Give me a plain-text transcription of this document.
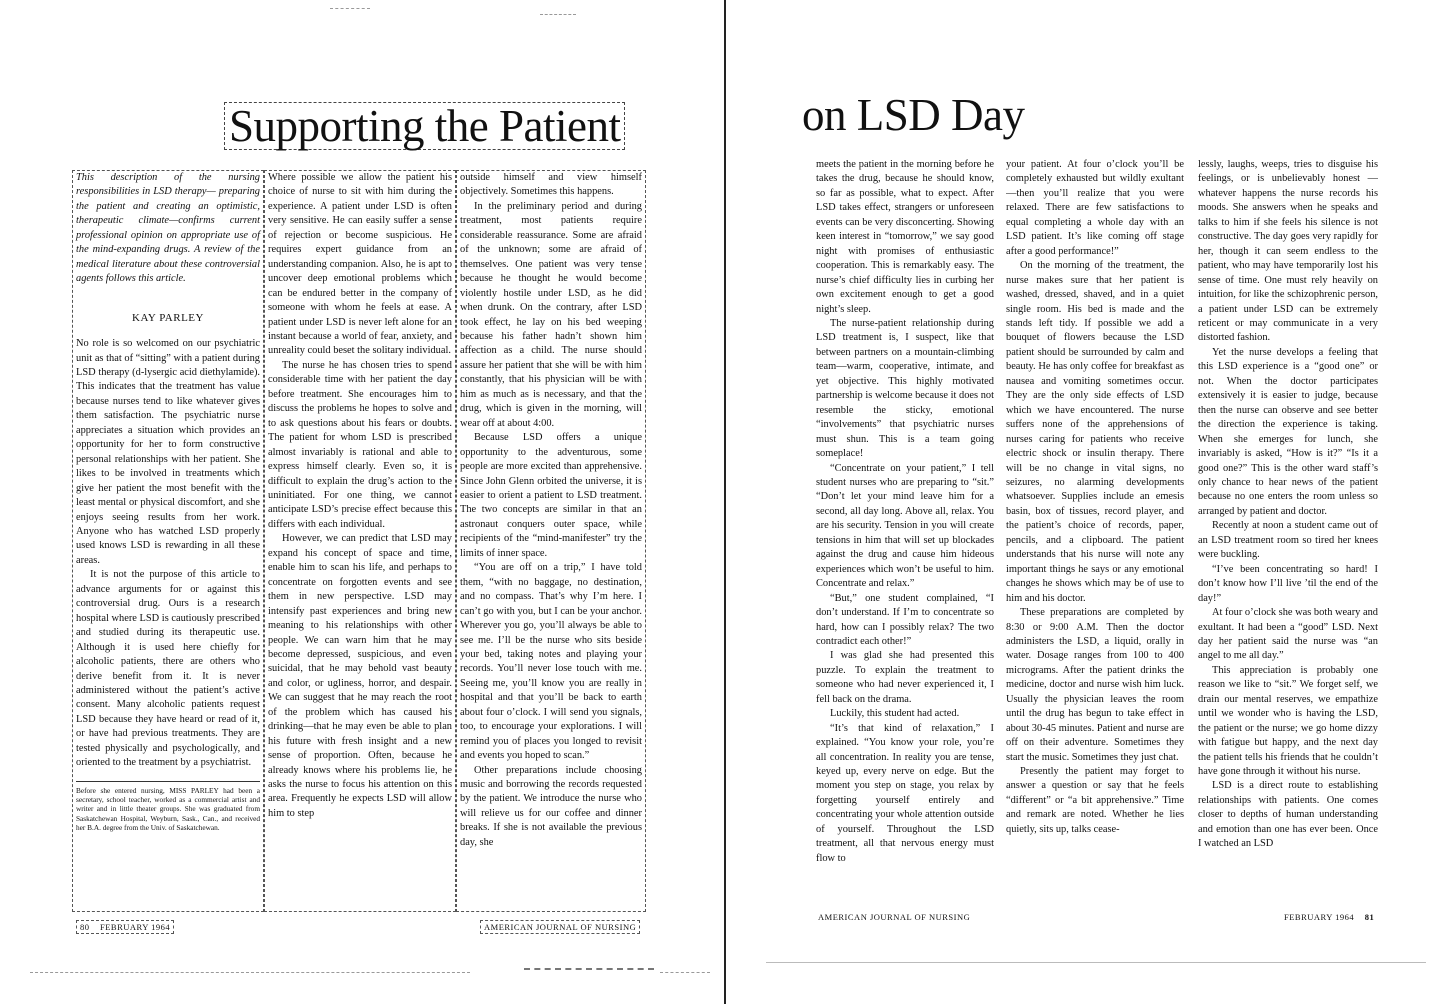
Supporting the Patient

This description of the nursing responsibilities in LSD therapy— preparing the patient and creating an optimistic, therapeutic climate—confirms current professional opinion on appropriate use of the mind-expanding drugs. A review of the medical literature about these controversial agents follows this article.

KAY PARLEY

No role is so welcomed on our psychiatric unit as that of “sitting” with a patient during LSD therapy (d-lysergic acid diethylamide). This indicates that the treatment has value because nurses tend to like whatever gives them satisfaction. The psychiatric nurse appreciates a situation which provides an opportunity for her to form constructive personal relationships with her patient. She likes to be involved in treatments which give her patient the most benefit with the least mental or physical discomfort, and she enjoys seeing results from her work. Anyone who has watched LSD properly used knows LSD is rewarding in all these areas.

It is not the purpose of this article to advance arguments for or against this controversial drug. Ours is a research hospital where LSD is cautiously prescribed and studied during its therapeutic use. Although it is used here chiefly for alcoholic patients, there are others who derive benefit from it. It is never administered without the patient’s active consent. Many alcoholic patients request LSD because they have heard or read of it, or have had previous treatments. They are tested physically and psychologically, and oriented to the treatment by a psychiatrist.

Before she entered nursing, MISS PARLEY had been a secretary, school teacher, worked as a commercial artist and writer and in little theater groups. She was graduated from Saskatchewan Hospital, Weyburn, Sask., Can., and received her B.A. degree from the Univ. of Saskatchewan.

Where possible we allow the patient his choice of nurse to sit with him during the experience. A patient under LSD is often very sensitive. He can easily suffer a sense of rejection or become suspicious. He requires expert guidance from an understanding companion. Also, he is apt to uncover deep emotional problems which can be endured better in the company of someone with whom he feels at ease. A patient under LSD is never left alone for an instant because a world of fear, anxiety, and unreality could beset the solitary individual.

The nurse he has chosen tries to spend considerable time with her patient the day before treatment. She encourages him to discuss the problems he hopes to solve and to ask questions about his fears or doubts. The patient for whom LSD is prescribed almost invariably is rational and able to express himself clearly. Even so, it is difficult to explain the drug’s action to the uninitiated. For one thing, we cannot anticipate LSD’s precise effect because this differs with each individual.

However, we can predict that LSD may expand his concept of space and time, enable him to scan his life, and perhaps to concentrate on forgotten events and see them in new perspective. LSD may intensify past experiences and bring new meaning to his relationships with other people. We can warn him that he may become depressed, suspicious, and even suicidal, that he may behold vast beauty and color, or ugliness, horror, and despair. We can suggest that he may reach the root of the problem which has caused his drinking—that he may even be able to plan his future with fresh insight and a new sense of proportion. Often, because he already knows where his problems lie, he asks the nurse to focus his attention on this area. Frequently he expects LSD will allow him to step

outside himself and view himself objectively. Sometimes this happens.

In the preliminary period and during treatment, most patients require considerable reassurance. Some are afraid of the unknown; some are afraid of themselves. One patient was very tense because he thought he would become violently hostile under LSD, as he did when drunk. On the contrary, after LSD took effect, he lay on his bed weeping because his father hadn’t shown him affection as a child. The nurse should assure her patient that she will be with him constantly, that his physician will be with him as much as is necessary, and that the drug, which is given in the morning, will wear off at about 4:00.

Because LSD offers a unique opportunity to the adventurous, some people are more excited than apprehensive. Since John Glenn orbited the universe, it is easier to orient a patient to LSD treatment. The two concepts are similar in that an astronaut conquers outer space, while recipients of the “mind-manifester” try the limits of inner space.

“You are off on a trip,” I have told them, “with no baggage, no destination, and no compass. That’s why I’m here. I can’t go with you, but I can be your anchor. Wherever you go, you’ll always be able to see me. I’ll be the nurse who sits beside your bed, taking notes and playing your records. You’ll never lose touch with me. Seeing me, you’ll know you are really in hospital and that you’ll be back to earth about four o’clock. I will send you signals, too, to encourage your explorations. I will remind you of places you longed to revisit and events you hoped to scan.”

Other preparations include choosing music and borrowing the records requested by the patient. We introduce the nurse who will relieve us for our coffee and dinner breaks. If she is not available the previous day, she

80 FEBRUARY 1964	AMERICAN JOURNAL OF NURSING
on LSD Day

meets the patient in the morning before he takes the drug, because he should know, so far as possible, what to expect. After LSD takes effect, strangers or unforeseen events can be very disconcerting. Showing keen interest in “tomorrow,” we say good night with promises of enthusiastic cooperation. This is remarkably easy. The nurse’s chief difficulty lies in curbing her own excitement enough to get a good night’s sleep.

The nurse-patient relationship during LSD treatment is, I suspect, like that between partners on a mountain-climbing team—warm, cooperative, intimate, and yet objective. This highly motivated partnership is welcome because it does not resemble the sticky, emotional “involvements” that psychiatric nurses must shun. This is a team going someplace!

“Concentrate on your patient,” I tell student nurses who are preparing to “sit.” “Don’t let your mind leave him for a second, all day long. Above all, relax. You are his security. Tension in you will create tensions in him that will set up blockades against the drug and cause him hideous experiences which won’t be useful to him. Concentrate and relax.”

“But,” one student complained, “I don’t understand. If I’m to concentrate so hard, how can I possibly relax? The two contradict each other!”

I was glad she had presented this puzzle. To explain the treatment to someone who had never experienced it, I fell back on the drama.

Luckily, this student had acted.

“It’s that kind of relaxation,” I explained. “You know your role, you’re all concentration. In reality you are tense, keyed up, every nerve on edge. But the moment you step on stage, you relax by forgetting yourself entirely and concentrating your whole attention outside of yourself. Throughout the LSD treatment, all that nervous energy must flow to

your patient. At four o’clock you’ll be completely exhausted but wildly exultant—then you’ll realize that you were relaxed. There are few satisfactions to equal completing a whole day with an LSD patient. It’s like coming off stage after a good performance!”

On the morning of the treatment, the nurse makes sure that her patient is washed, dressed, shaved, and in a quiet single room. His bed is made and the stands left tidy. If possible we add a bouquet of flowers because the LSD patient should be surrounded by calm and beauty. He has only coffee for breakfast as nausea and vomiting sometimes occur. They are the only side effects of LSD which we have encountered. The nurse suffers none of the apprehensions of nurses caring for patients who receive electric shock or insulin therapy. There will be no change in vital signs, no seizures, no alarming developments whatsoever. Supplies include an emesis basin, box of tissues, record player, and the patient’s choice of records, paper, pencils, and a clipboard. The patient understands that his nurse will note any important things he says or any emotional changes he shows which may be of use to him and his doctor.

These preparations are completed by 8:30 or 9:00 A.M. Then the doctor administers the LSD, a liquid, orally in water. Dosage ranges from 100 to 400 micrograms. After the patient drinks the medicine, doctor and nurse wish him luck. Usually the physician leaves the room until the drug has begun to take effect in about 30-45 minutes. Patient and nurse are off on their adventure. Sometimes they start the music. Sometimes they just chat.

Presently the patient may forget to answer a question or say that he feels “different” or “a bit apprehensive.” Time and remark are noted. Whether he lies quietly, sits up, talks cease-

lessly, laughs, weeps, tries to disguise his feelings, or is unbelievably honest —whatever happens the nurse records his moods. She answers when he speaks and talks to him if she feels his silence is not constructive. The day goes very rapidly for her, though it can seem endless to the patient, who may have temporarily lost his sense of time. One must rely heavily on intuition, for like the schizophrenic person, a patient under LSD can be extremely reticent or may communicate in a very distorted fashion.

Yet the nurse develops a feeling that this LSD experience is a “good one” or not. When the doctor participates extensively it is easier to judge, because then the nurse can observe and see better the direction the experience is taking. When she emerges for lunch, she invariably is asked, “How is it?” “Is it a good one?” This is the other ward staff’s only chance to hear news of the patient because no one enters the room unless so arranged by patient and doctor.

Recently at noon a student came out of an LSD treatment room so tired her knees were buckling.

“I’ve been concentrating so hard! I don’t know how I’ll live ’til the end of the day!”

At four o’clock she was both weary and exultant. It had been a “good” LSD. Next day her patient said the nurse was “an angel to me all day.”

This appreciation is probably one reason we like to “sit.” We forget self, we drain our mental reserves, we empathize until we wonder who is having the LSD, the patient or the nurse; we go home dizzy with fatigue but happy, and the next day the patient tells his friends that he couldn’t have gone through it without his nurse.

LSD is a direct route to establishing relationships with patients. One comes closer to depths of human understanding and emotion than one has ever been. Once I watched an LSD

AMERICAN JOURNAL OF NURSING	FEBRUARY 1964 81
